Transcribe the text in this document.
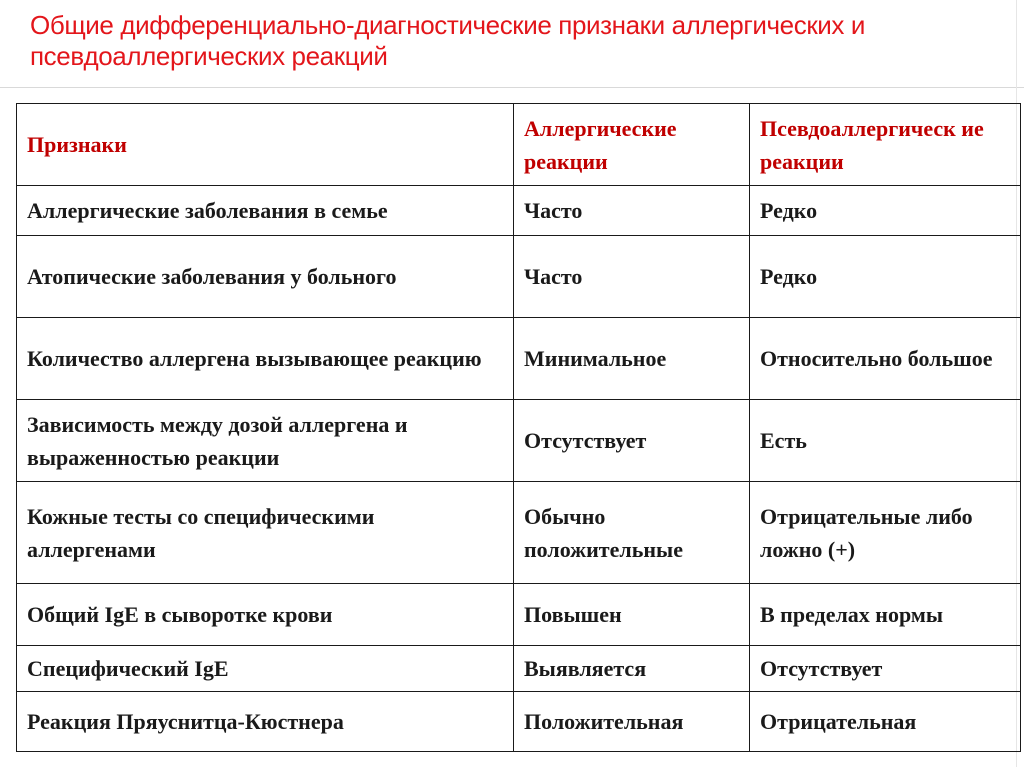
Общие дифференциально-диагностические признаки аллергических и
псевдоаллергических реакций
Признаки	Аллергические реакции	Псевдоаллергическ ие реакции
Аллергические заболевания в семье	Часто	Редко
Атопические заболевания у больного	Часто	Редко
Количество аллергена вызывающее реакцию	Минимальное	Относительно большое
Зависимость между дозой аллергена и выраженностью реакции	Отсутствует	Есть
Кожные тесты со специфическими аллергенами	Обычно положительные	Отрицательные либо ложно (+)
Общий IgE в сыворотке крови	Повышен	В пределах нормы
Специфический IgE	Выявляется	Отсутствует
Реакция Пряуснитца-Кюстнера	Положительная	Отрицательная
